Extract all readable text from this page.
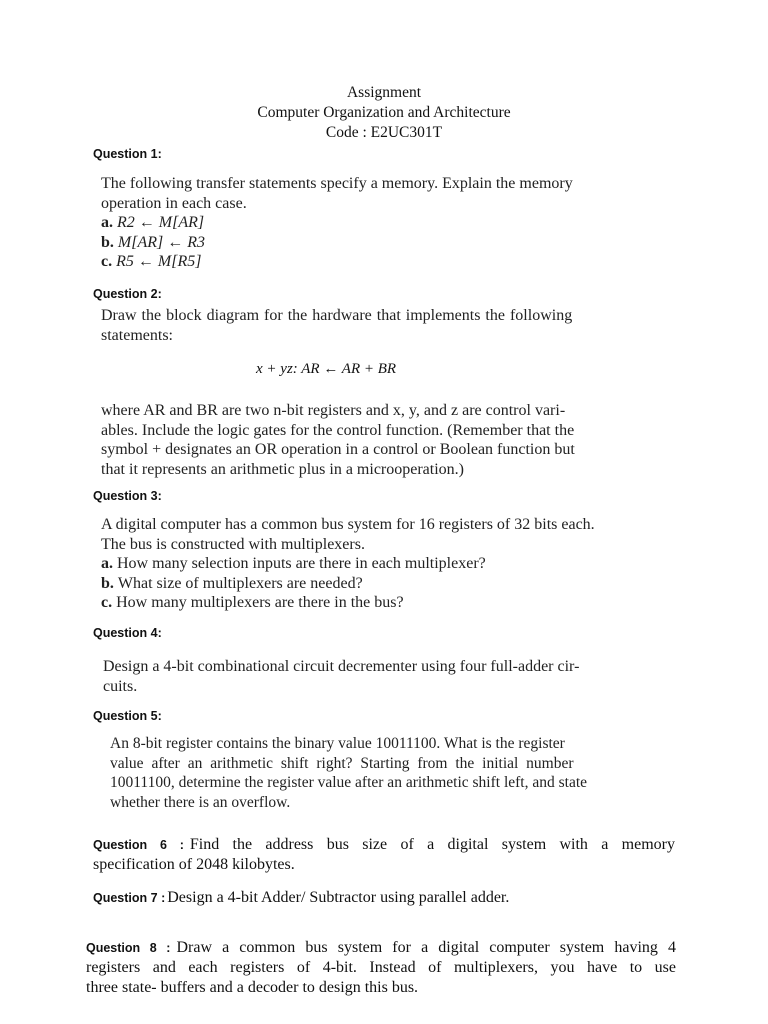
Assignment
Computer Organization and Architecture
Code : E2UC301T
Question 1:
The following transfer statements specify a memory. Explain the memory
operation in each case.
a. R2 ← M[AR]
b. M[AR] ← R3
c. R5 ← M[R5]
Question 2:
Draw the block diagram for the hardware that implements the following
statements:
x + yz: AR ← AR + BR
where AR and BR are two n-bit registers and x, y, and z are control vari-
ables. Include the logic gates for the control function. (Remember that the
symbol + designates an OR operation in a control or Boolean function but
that it represents an arithmetic plus in a microoperation.)
Question 3:
A digital computer has a common bus system for 16 registers of 32 bits each.
The bus is constructed with multiplexers.
a. How many selection inputs are there in each multiplexer?
b. What size of multiplexers are needed?
c. How many multiplexers are there in the bus?
Question 4:
Design a 4-bit combinational circuit decrementer using four full-adder cir-
cuits.
Question 5:
An 8-bit register contains the binary value 10011100. What is the register
value after an arithmetic shift right? Starting from the initial number
10011100, determine the register value after an arithmetic shift left, and state
whether there is an overflow.
Question 6 : Find the address bus size of a digital system with a memory
specification of 2048 kilobytes.
Question 7 : Design a 4-bit Adder/ Subtractor using parallel adder.
Question 8 : Draw a common bus system for a digital computer system having 4
registers and each registers of 4-bit. Instead of multiplexers, you have to use
three state- buffers and a decoder to design this bus.
